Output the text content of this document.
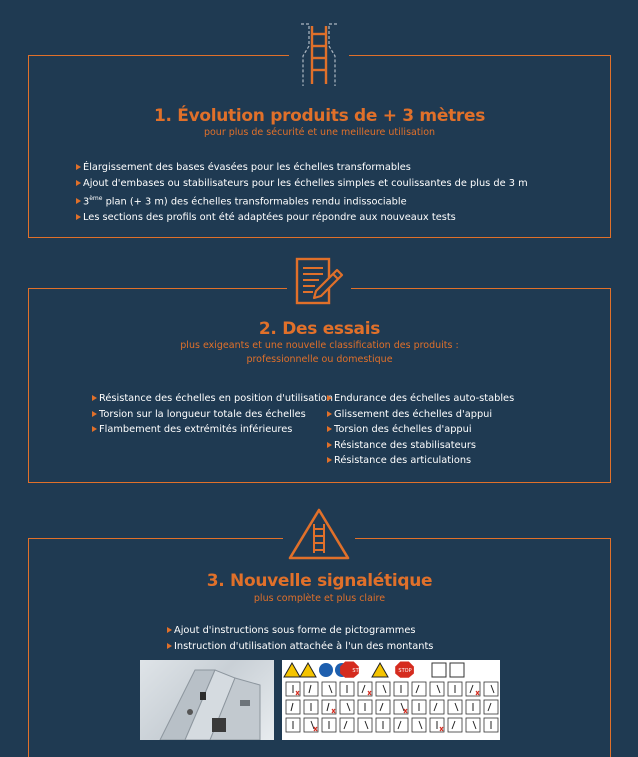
1. Évolution produits de + 3 mètres
pour plus de sécurité et une meilleure utilisation
Élargissement des bases évasées pour les échelles transformables
Ajout d'embases ou stabilisateurs pour les échelles simples et coulissantes de plus de 3 m
3ème plan (+ 3 m) des échelles transformables rendu indissociable
Les sections des profils ont été adaptées pour répondre aux nouveaux tests
2. Des essais
plus exigeants et une nouvelle classification des produits :
professionnelle ou domestique
Résistance des échelles en position d'utilisation
Torsion sur la longueur totale des échelles
Flambement des extrémités inférieures
Endurance des échelles auto-stables
Glissement des échelles d'appui
Torsion des échelles d'appui
Résistance des stabilisateurs
Résistance des articulations
3. Nouvelle signalétique
plus complète et plus claire
Ajout d'instructions sous forme de pictogrammes
Instruction d'utilisation attachée à l'un des montants
STOP	STOP
